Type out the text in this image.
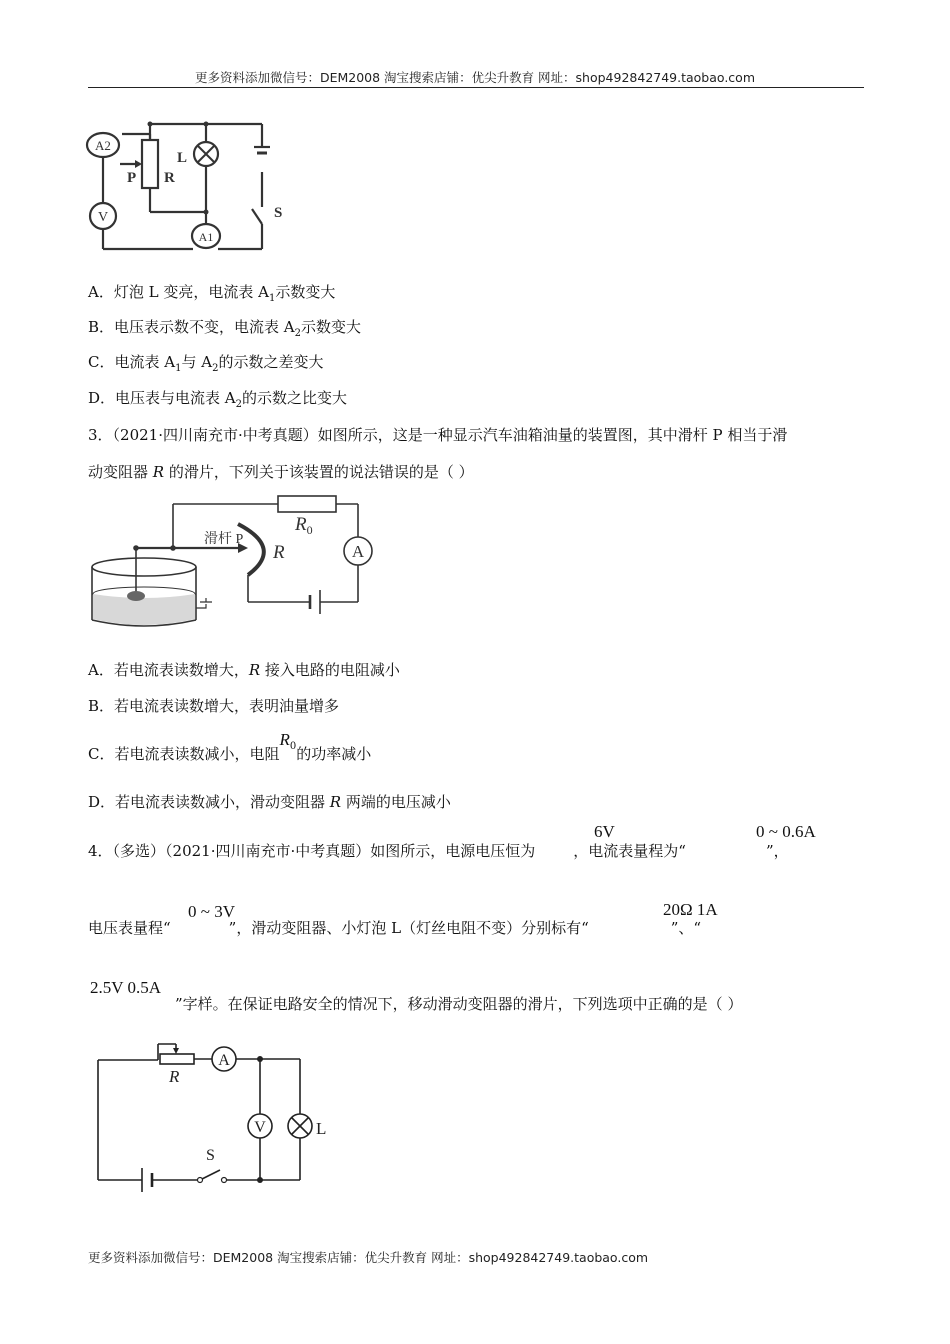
更多资料添加微信号：DEM2008 淘宝搜索店铺：优尖升教育 网址：shop492842749.taobao.com
A2
V
A1
P R
L
S
A．灯泡 L 变亮，电流表 $A_1$示数变大
B．电压表示数不变，电流表 $A_2$示数变大
C．电流表 $A_1$与 $A_2$的示数之差变大
D．电压表与电流表 $A_2$的示数之比变大
3．（2021·四川南充市·中考真题）如图所示，这是一种显示汽车油箱油量的装置图，其中滑杆 P 相当于滑
动变阻器 R 的滑片，下列关于该装置的说法错误的是（ ）
A
滑杆 P
R
$R_0$
A．若电流表读数增大，R 接入电路的电阻减小
B．若电流表读数增大，表明油量增多
C．若电流表读数减小，电阻$R_0$的功率减小
D．若电流表读数减小，滑动变阻器 R 两端的电压减小
4．（多选）（2021·四川南充市·中考真题）如图所示，电源电压恒为	，电流表量程为“	”，
6V	0 ~ 0.6A
电压表量程“	”，滑动变阻器、小灯泡 L（灯丝电阻不变）分别标有“	”、“
0 ~ 3V	20Ω 1A
2.5V 0.5A
”字样。在保证电路安全的情况下，移动滑动变阻器的滑片，下列选项中正确的是（ ）
A
V
R
L
S
更多资料添加微信号：DEM2008 淘宝搜索店铺：优尖升教育 网址：shop492842749.taobao.com
